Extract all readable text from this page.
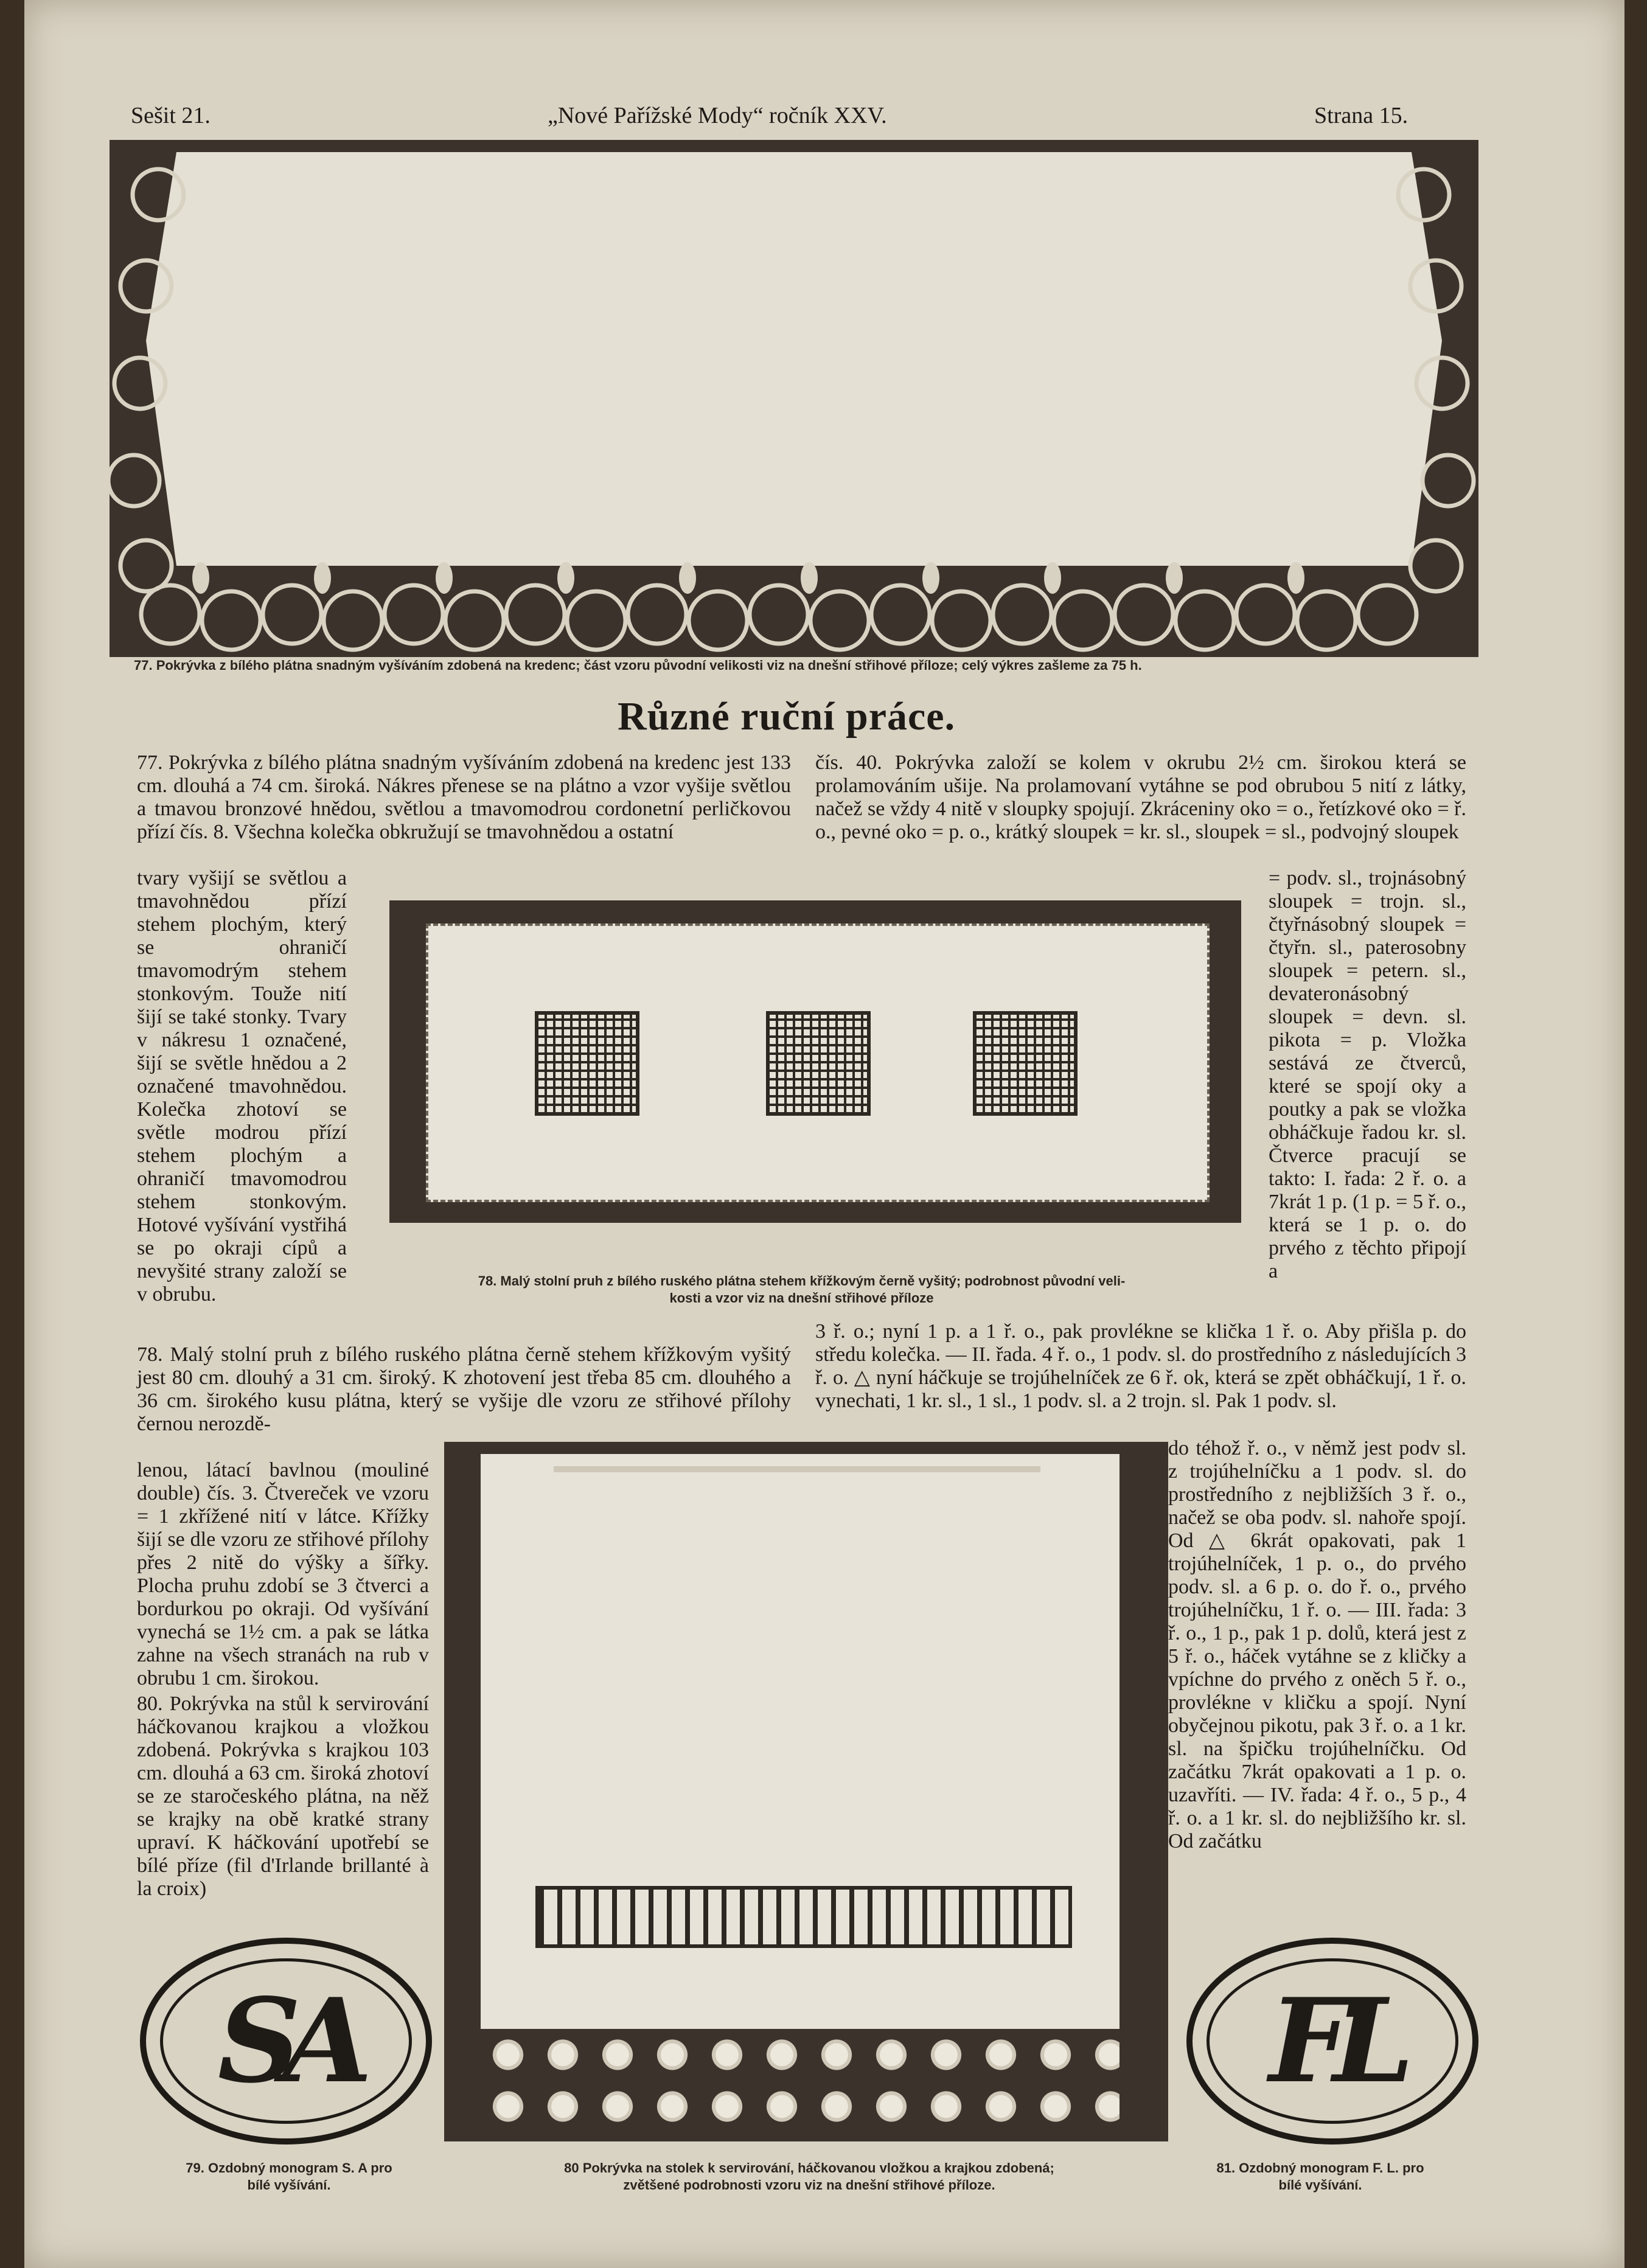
Sešit 21.	„Nové Pařížské Mody“ ročník XXV.	Strana 15.
77. Pokrývka z bílého plátna snadným vyšíváním zdobená na kredenc; část vzoru původní velikosti viz na dnešní střihové příloze; celý výkres zašleme za 75 h.
Různé ruční práce.
77. Pokrývka z bílého plátna snadným vyšíváním zdobená na kredenc jest 133 cm. dlouhá a 74 cm. široká. Nákres přenese se na plátno a vzor vyšije světlou a tmavou bronzové hnědou, světlou a tmavomodrou cordonetní perličkovou přízí čís. 8. Všechna kolečka obkružují se tmavohnědou a ostatní
tvary vyšijí se světlou a tmavohnědou přízí stehem plochým, který se ohraničí tmavomodrým stehem stonkovým. Touže nití šijí se také stonky. Tvary v nákresu 1 označené, šijí se světle hnědou a 2 označené tmavohnědou. Kolečka zhotoví se světle modrou přízí stehem plochým a ohraničí tmavomodrou stehem stonkovým. Hotové vyšívání vystřihá se po okraji cípů a nevyšité strany založí se v obrubu.
78. Malý stolní pruh z bílého ruského plátna černě stehem křížkovým vyšitý jest 80 cm. dlouhý a 31 cm. široký. K zhotovení jest třeba 85 cm. dlouhého a 36 cm. širokého kusu plátna, který se vyšije dle vzoru ze střihové přílohy černou nerozdě-
lenou, látací bavlnou (mouliné double) čís. 3. Čtvereček ve vzoru = 1 zkřížené nití v látce. Křížky šijí se dle vzoru ze střihové přílohy přes 2 nitě do výšky a šířky. Plocha pruhu zdobí se 3 čtverci a bordurkou po okraji. Od vyšívání vynechá se 1½ cm. a pak se látka zahne na všech stranách na rub v obrubu 1 cm. širokou.
80. Pokrývka na stůl k servirování háčkovanou krajkou a vložkou zdobená. Pokrývka s krajkou 103 cm. dlouhá a 63 cm. široká zhotoví se ze staročeského plátna, na něž se krajky na obě kratké strany upraví. K háčkování upotřebí se bílé příze (fil d'Irlande brillanté à la croix)
čís. 40. Pokrývka založí se kolem v okrubu 2½ cm. širokou která se prolamováním ušije. Na prolamovaní vytáhne se pod obrubou 5 nití z látky, načež se vždy 4 nitě v sloupky spojují. Zkráceniny oko = o., řetízkové oko = ř. o., pevné oko = p. o., krátký sloupek = kr. sl., sloupek = sl., podvojný sloupek
= podv. sl., trojnásobný sloupek = trojn. sl., čtyřnásobný sloupek = čtyřn. sl., paterosobny sloupek = petern. sl., devateronásobný sloupek = devn. sl. pikota = p. Vložka sestává ze čtverců, které se spojí oky a poutky a pak se vložka obháčkuje řadou kr. sl. Čtverce pracují se takto: I. řada: 2 ř. o. a 7krát 1 p. (1 p. = 5 ř. o., která se 1 p. o. do prvého z těchto připojí a
3 ř. o.; nyní 1 p. a 1 ř. o., pak provlékne se klička 1 ř. o. Aby přišla p. do středu kolečka. — II. řada. 4 ř. o., 1 podv. sl. do prostředního z následujících 3 ř. o. △ nyní háčkuje se trojúhelníček ze 6 ř. ok, která se zpět obháčkují, 1 ř. o. vynechati, 1 kr. sl., 1 sl., 1 podv. sl. a 2 trojn. sl. Pak 1 podv. sl.
do téhož ř. o., v němž jest podv sl. z trojúhelníčku a 1 podv. sl. do prostředního z nejbližších 3 ř. o., načež se oba podv. sl. nahoře spojí. Od △ 6krát opakovati, pak 1 trojúhelníček, 1 p. o., do prvého podv. sl. a 6 p. o. do ř. o., prvého trojúhelníčku, 1 ř. o. — III. řada: 3 ř. o., 1 p., pak 1 p. dolů, která jest z 5 ř. o., háček vytáhne se z kličky a vpíchne do prvého z oněch 5 ř. o., provlékne v kličku a spojí. Nyní obyčejnou pikotu, pak 3 ř. o. a 1 kr. sl. na špičku trojúhelníčku. Od začátku 7krát opakovati a 1 p. o. uzavříti. — IV. řada: 4 ř. o., 5 p., 4 ř. o. a 1 kr. sl. do nejbližšího kr. sl. Od začátku
78. Malý stolní pruh z bílého ruského plátna stehem křížkovým černě vyšitý; podrobnost původní veli-
kosti a vzor viz na dnešní střihové příloze
SA	FL
79. Ozdobný monogram S. A pro
bílé vyšívání.
80 Pokrývka na stolek k servirování, háčkovanou vložkou a krajkou zdobená;
zvětšené podrobnosti vzoru viz na dnešní střihové příloze.
81. Ozdobný monogram F. L. pro
bílé vyšívání.
